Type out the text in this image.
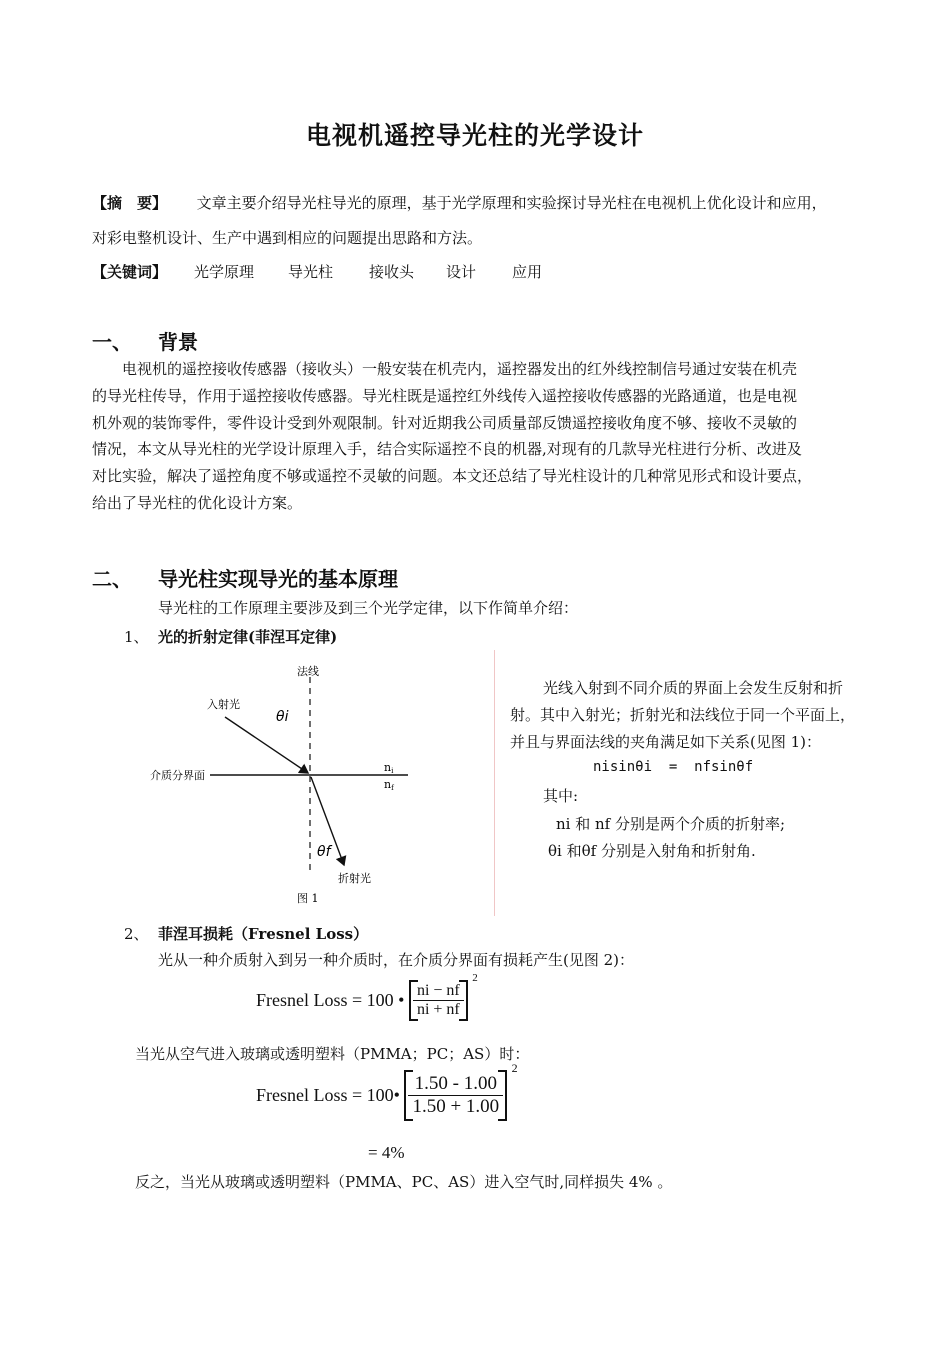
电视机遥控导光柱的光学设计
【摘　要】 文章主要介绍导光柱导光的原理，基于光学原理和实验探讨导光柱在电视机上优化设计和应用，
对彩电整机设计、生产中遇到相应的问题提出思路和方法。
【关键词】 光学原理 导光柱 接收头 设计 应用
一、 背景
电视机的遥控接收传感器（接收头）一般安装在机壳内，遥控器发出的红外线控制信号通过安装在机壳
的导光柱传导，作用于遥控接收传感器。导光柱既是遥控红外线传入遥控接收传感器的光路通道，也是电视
机外观的装饰零件，零件设计受到外观限制。针对近期我公司质量部反馈遥控接收角度不够、接收不灵敏的
情况，本文从导光柱的光学设计原理入手，结合实际遥控不良的机器,对现有的几款导光柱进行分析、改进及
对比实验，解决了遥控角度不够或遥控不灵敏的问题。本文还总结了导光柱设计的几种常见形式和设计要点，
给出了导光柱的优化设计方案。
二、 导光柱实现导光的基本原理
导光柱的工作原理主要涉及到三个光学定律，以下作简单介绍：
1、 光的折射定律(菲涅耳定律)
法线
入射光
介质分界面
折射光
θi
θf
ni
nf
图 1
光线入射到不同介质的界面上会发生反射和折
射。其中入射光；折射光和法线位于同一个平面上，
并且与界面法线的夹角满足如下关系(见图 1)：
nisinθi  =  nfsinθf
其中:
ni 和 nf 分别是两个介质的折射率;
θi 和θf 分别是入射角和折射角.
2、 菲涅耳损耗（Fresnel Loss）
光从一种介质射入到另一种介质时，在介质分界面有损耗产生(见图 2)：
Fresnel Loss = 100 • $\frac{ni - nf}{ni + nf}$
$^2$
当光从空气进入玻璃或透明塑料（PMMA；PC；AS）时：
Fresnel Loss = 100• $\frac{1.50 - 1.00}{1.50 + 1.00}$
$^2$
= 4%
反之，当光从玻璃或透明塑料（PMMA、PC、AS）进入空气时,同样损失 4% 。
